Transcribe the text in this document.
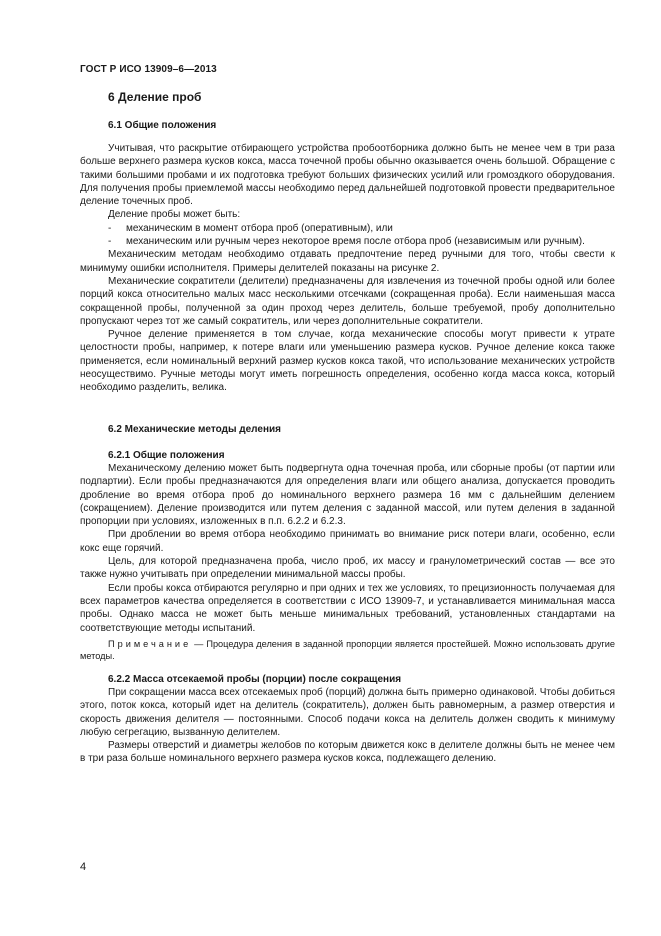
ГОСТ Р ИСО 13909–6—2013
6 Деление проб
6.1 Общие положения

Учитывая, что раскрытие отбирающего устройства пробоотборника должно быть не менее чем в три раза больше верхнего размера кусков кокса, масса точечной пробы обычно оказывается очень большой. Обращение с такими большими пробами и их подготовка требуют больших физических усилий или громоздкого оборудования. Для получения пробы приемлемой массы необходимо перед дальнейшей подготовкой провести предварительное деление точечных проб.

Деление пробы может быть:

- механическим в момент отбора проб (оперативным), или

- механическим или ручным через некоторое время после отбора проб (независимым или ручным).

Механическим методам необходимо отдавать предпочтение перед ручными для того, чтобы свести к минимуму ошибки исполнителя. Примеры делителей показаны на рисунке 2.

Механические сократители (делители) предназначены для извлечения из точечной пробы одной или более порций кокса относительно малых масс несколькими отсечками (сокращенная проба). Если наименьшая масса сокращенной пробы, полученной за один проход через делитель, больше требуемой, пробу дополнительно пропускают через тот же самый сократитель, или через дополнительные сократители.

Ручное деление применяется в том случае, когда механические способы могут привести к утрате целостности пробы, например, к потере влаги или уменьшению размера кусков. Ручное деление кокса также применяется, если номинальный верхний размер кусков кокса такой, что использование механических устройств неосуществимо. Ручные методы могут иметь погрешность определения, особенно когда масса кокса, который необходимо разделить, велика.

6.2 Механические методы деления
6.2.1 Общие положения

Механическому делению может быть подвергнута одна точечная проба, или сборные пробы (от партии или подпартии). Если пробы предназначаются для определения влаги или общего анализа, допускается проводить дробление во время отбора проб до номинального верхнего размера 16 мм с дальнейшим делением (сокращением). Деление производится или путем деления с заданной массой, или путем деления в заданной пропорции при условиях, изложенных в п.п. 6.2.2 и 6.2.3.

При дроблении во время отбора необходимо принимать во внимание риск потери влаги, особенно, если кокс еще горячий.

Цель, для которой предназначена проба, число проб, их массу и гранулометрический состав — все это также нужно учитывать при определении минимальной массы пробы.

Если пробы кокса отбираются регулярно и при одних и тех же условиях, то прецизионность получаемая для всех параметров качества определяется в соответствии с ИСО 13909-7, и устанавливается минимальная масса пробы. Однако масса не может быть меньше минимальных требований, установленных стандартами на соответствующие методы испытаний.

Примечание — Процедура деления в заданной пропорции является простейшей. Можно использовать другие методы.
6.2.2 Масса отсекаемой пробы (порции) после сокращения

При сокращении масса всех отсекаемых проб (порций) должна быть примерно одинаковой. Чтобы добиться этого, поток кокса, который идет на делитель (сократитель), должен быть равномерным, а размер отверстия и скорость движения делителя — постоянными. Способ подачи кокса на делитель должен сводить к минимуму любую сегрегацию, вызванную делителем.

Размеры отверстий и диаметры желобов по которым движется кокс в делителе должны быть не менее чем в три раза больше номинального верхнего размера кусков кокса, подлежащего делению.

4
